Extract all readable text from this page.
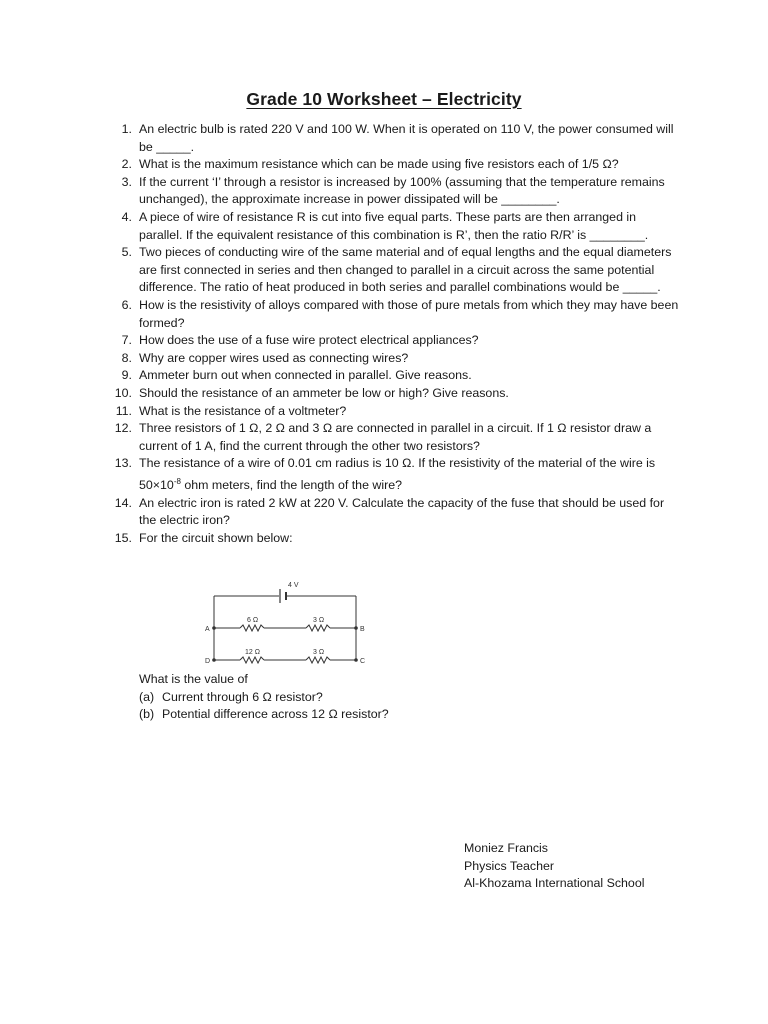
Grade 10 Worksheet – Electricity
1. An electric bulb is rated 220 V and 100 W. When it is operated on 110 V, the power consumed will be _____.
2. What is the maximum resistance which can be made using five resistors each of 1/5 Ω?
3. If the current ‘I’ through a resistor is increased by 100% (assuming that the temperature remains unchanged), the approximate increase in power dissipated will be ________.
4. A piece of wire of resistance R is cut into five equal parts. These parts are then arranged in parallel. If the equivalent resistance of this combination is R’, then the ratio R/R’ is ________.
5. Two pieces of conducting wire of the same material and of equal lengths and the equal diameters are first connected in series and then changed to parallel in a circuit across the same potential difference. The ratio of heat produced in both series and parallel combinations would be _____.
6. How is the resistivity of alloys compared with those of pure metals from which they may have been formed?
7. How does the use of a fuse wire protect electrical appliances?
8. Why are copper wires used as connecting wires?
9. Ammeter burn out when connected in parallel. Give reasons.
10. Should the resistance of an ammeter be low or high? Give reasons.
11. What is the resistance of a voltmeter?
12. Three resistors of 1 Ω, 2 Ω and 3 Ω are connected in parallel in a circuit. If 1 Ω resistor draw a current of 1 A, find the current through the other two resistors?
13. The resistance of a wire of 0.01 cm radius is 10 Ω. If the resistivity of the material of the wire is $50\times 10^{-8}$ ohm meters, find the length of the wire?
14. An electric iron is rated 2 kW at 220 V. Calculate the capacity of the fuse that should be used for the electric iron?
15. For the circuit shown below:
4 V
6 Ω	3 Ω
12 Ω	3 Ω
A	B
C
D
What is the value of
(a) Current through 6 Ω resistor?
(b) Potential difference across 12 Ω resistor?
Moniez Francis
Physics Teacher
Al-Khozama International School
